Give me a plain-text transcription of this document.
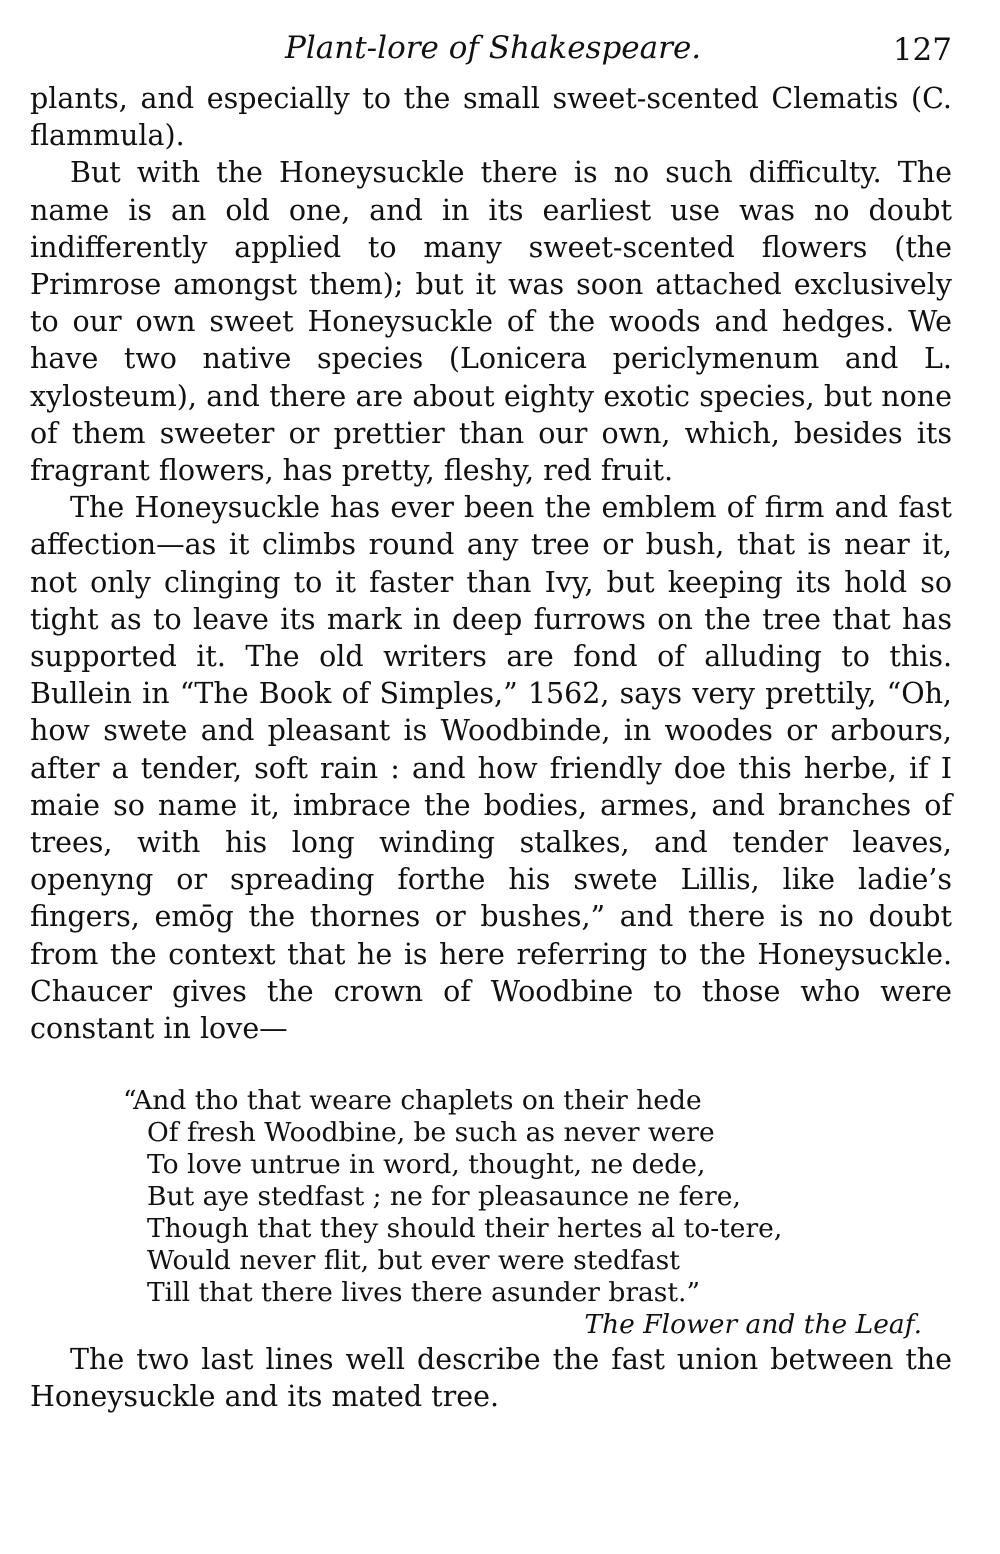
Plant-lore of Shakespeare.	127

plants, and especially to the small sweet-scented Clematis (C. flammula).

But with the Honeysuckle there is no such difficulty. The name is an old one, and in its earliest use was no doubt indifferently applied to many sweet-scented flowers (the Primrose amongst them); but it was soon attached exclusively to our own sweet Honeysuckle of the woods and hedges. We have two native species (Lonicera periclymenum and L. xylosteum), and there are about eighty exotic species, but none of them sweeter or prettier than our own, which, besides its fragrant flowers, has pretty, fleshy, red fruit.

The Honeysuckle has ever been the emblem of firm and fast affection—as it climbs round any tree or bush, that is near it, not only clinging to it faster than Ivy, but keeping its hold so tight as to leave its mark in deep furrows on the tree that has supported it. The old writers are fond of alluding to this. Bullein in “The Book of Simples,” 1562, says very prettily, “Oh, how swete and pleasant is Woodbinde, in woodes or arbours, after a tender, soft rain : and how friendly doe this herbe, if I maie so name it, imbrace the bodies, armes, and branches of trees, with his long winding stalkes, and tender leaves, openyng or spreading forthe his swete Lillis, like ladie’s fingers, emōg the thornes or bushes,” and there is no doubt from the context that he is here referring to the Honeysuckle. Chaucer gives the crown of Woodbine to those who were constant in love—

“And tho that weare chaplets on their hede
Of fresh Woodbine, be such as never were
To love untrue in word, thought, ne dede,
But aye stedfast ; ne for pleasaunce ne fere,
Though that they should their hertes al to-tere,
Would never flit, but ever were stedfast
Till that there lives there asunder brast.”
The Flower and the Leaf.

The two last lines well describe the fast union between the Honeysuckle and its mated tree.
